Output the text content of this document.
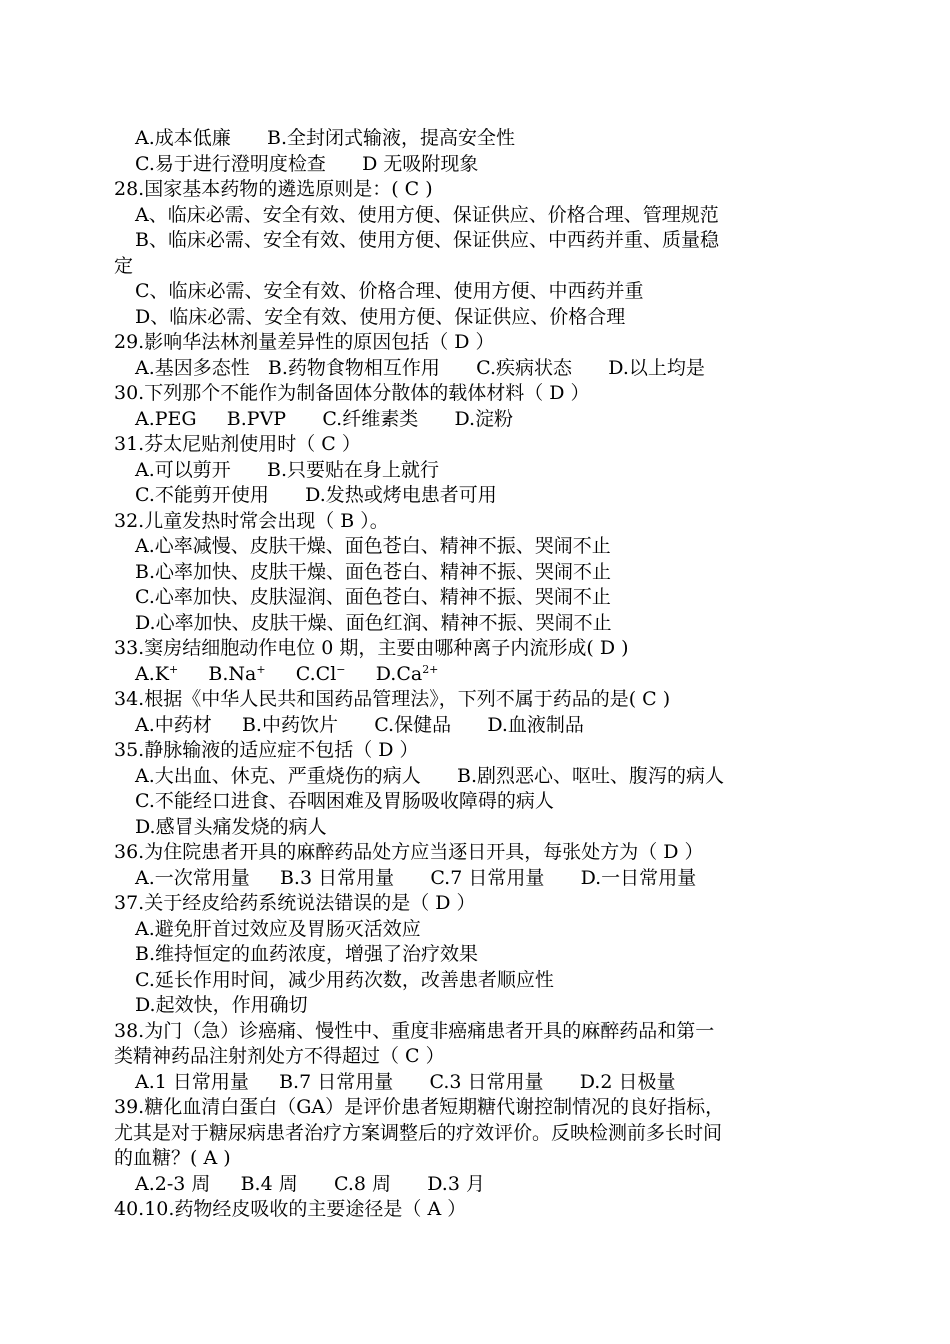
A.成本低廉      B.全封闭式输液，提高安全性
C.易于进行澄明度检查      D 无吸附现象
28.国家基本药物的遴选原则是：( C )
A、临床必需、安全有效、使用方便、保证供应、价格合理、管理规范
B、临床必需、安全有效、使用方便、保证供应、中西药并重、质量稳
定
C、临床必需、安全有效、价格合理、使用方便、中西药并重
D、临床必需、安全有效、使用方便、保证供应、价格合理
29.影响华法林剂量差异性的原因包括（ D ）
A.基因多态性   B.药物食物相互作用      C.疾病状态      D.以上均是
30.下列那个不能作为制备固体分散体的载体材料（ D ）
A.PEG     B.PVP      C.纤维素类      D.淀粉
31.芬太尼贴剂使用时（ C ）
A.可以剪开      B.只要贴在身上就行
C.不能剪开使用      D.发热或烤电患者可用
32.儿童发热时常会出现（ B ）。
A.心率减慢、皮肤干燥、面色苍白、精神不振、哭闹不止
B.心率加快、皮肤干燥、面色苍白、精神不振、哭闹不止
C.心率加快、皮肤湿润、面色苍白、精神不振、哭闹不止
D.心率加快、皮肤干燥、面色红润、精神不振、哭闹不止
33.窦房结细胞动作电位 0 期，主要由哪种离子内流形成( D )
A.K+ B.Na+ C.Cl− $D.Ca^{2+}$
34.根据《中华人民共和国药品管理法》，下列不属于药品的是( C )
A.中药材     B.中药饮片      C.保健品      D.血液制品
35.静脉输液的适应症不包括（ D ）
A.大出血、休克、严重烧伤的病人      B.剧烈恶心、呕吐、腹泻的病人
C.不能经口进食、吞咽困难及胃肠吸收障碍的病人
D.感冒头痛发烧的病人
36.为住院患者开具的麻醉药品处方应当逐日开具，每张处方为（ D ）
A.一次常用量     B.3 日常用量      C.7 日常用量      D.一日常用量
37.关于经皮给药系统说法错误的是（ D ）
A.避免肝首过效应及胃肠灭活效应
B.维持恒定的血药浓度，增强了治疗效果
C.延长作用时间，减少用药次数，改善患者顺应性
D.起效快，作用确切
38.为门（急）诊癌痛、慢性中、重度非癌痛患者开具的麻醉药品和第一
类精神药品注射剂处方不得超过（ C ）
A.1 日常用量     B.7 日常用量      C.3 日常用量      D.2 日极量
39.糖化血清白蛋白（GA）是评价患者短期糖代谢控制情况的良好指标，
尤其是对于糖尿病患者治疗方案调整后的疗效评价。反映检测前多长时间
的血糖？( A )
A.2-3 周     B.4 周      C.8 周      D.3 月
40.10.药物经皮吸收的主要途径是（ A ）
